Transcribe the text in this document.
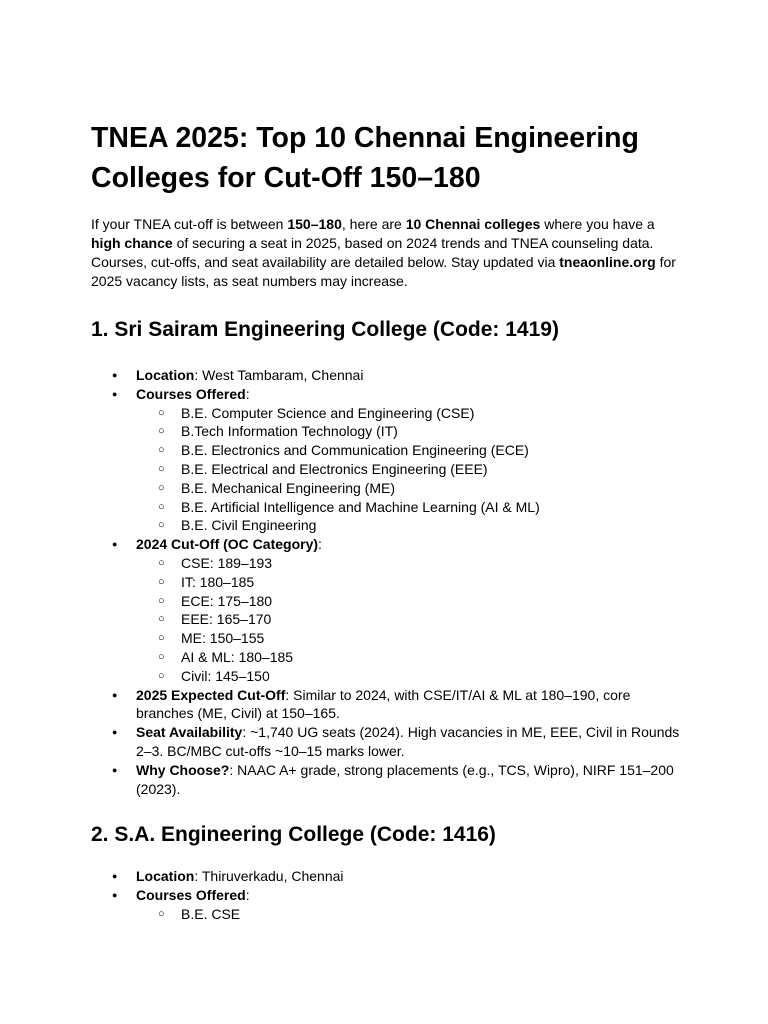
TNEA 2025: Top 10 Chennai Engineering Colleges for Cut-Off 150–180

If your TNEA cut-off is between 150–180, here are 10 Chennai colleges where you have a high chance of securing a seat in 2025, based on 2024 trends and TNEA counseling data. Courses, cut-offs, and seat availability are detailed below. Stay updated via tneaonline.org for 2025 vacancy lists, as seat numbers may increase.

1. Sri Sairam Engineering College (Code: 1419)
● Location: West Tambaram, Chennai
● Courses Offered:
○ B.E. Computer Science and Engineering (CSE)
○ B.Tech Information Technology (IT)
○ B.E. Electronics and Communication Engineering (ECE)
○ B.E. Electrical and Electronics Engineering (EEE)
○ B.E. Mechanical Engineering (ME)
○ B.E. Artificial Intelligence and Machine Learning (AI & ML)
○ B.E. Civil Engineering
● 2024 Cut-Off (OC Category):
○ CSE: 189–193
○ IT: 180–185
○ ECE: 175–180
○ EEE: 165–170
○ ME: 150–155
○ AI & ML: 180–185
○ Civil: 145–150
● 2025 Expected Cut-Off: Similar to 2024, with CSE/IT/AI & ML at 180–190, core branches (ME, Civil) at 150–165.
● Seat Availability: ~1,740 UG seats (2024). High vacancies in ME, EEE, Civil in Rounds 2–3. BC/MBC cut-offs ~10–15 marks lower.
● Why Choose?: NAAC A+ grade, strong placements (e.g., TCS, Wipro), NIRF 151–200 (2023).
2. S.A. Engineering College (Code: 1416)
● Location: Thiruverkadu, Chennai
● Courses Offered:
○ B.E. CSE
